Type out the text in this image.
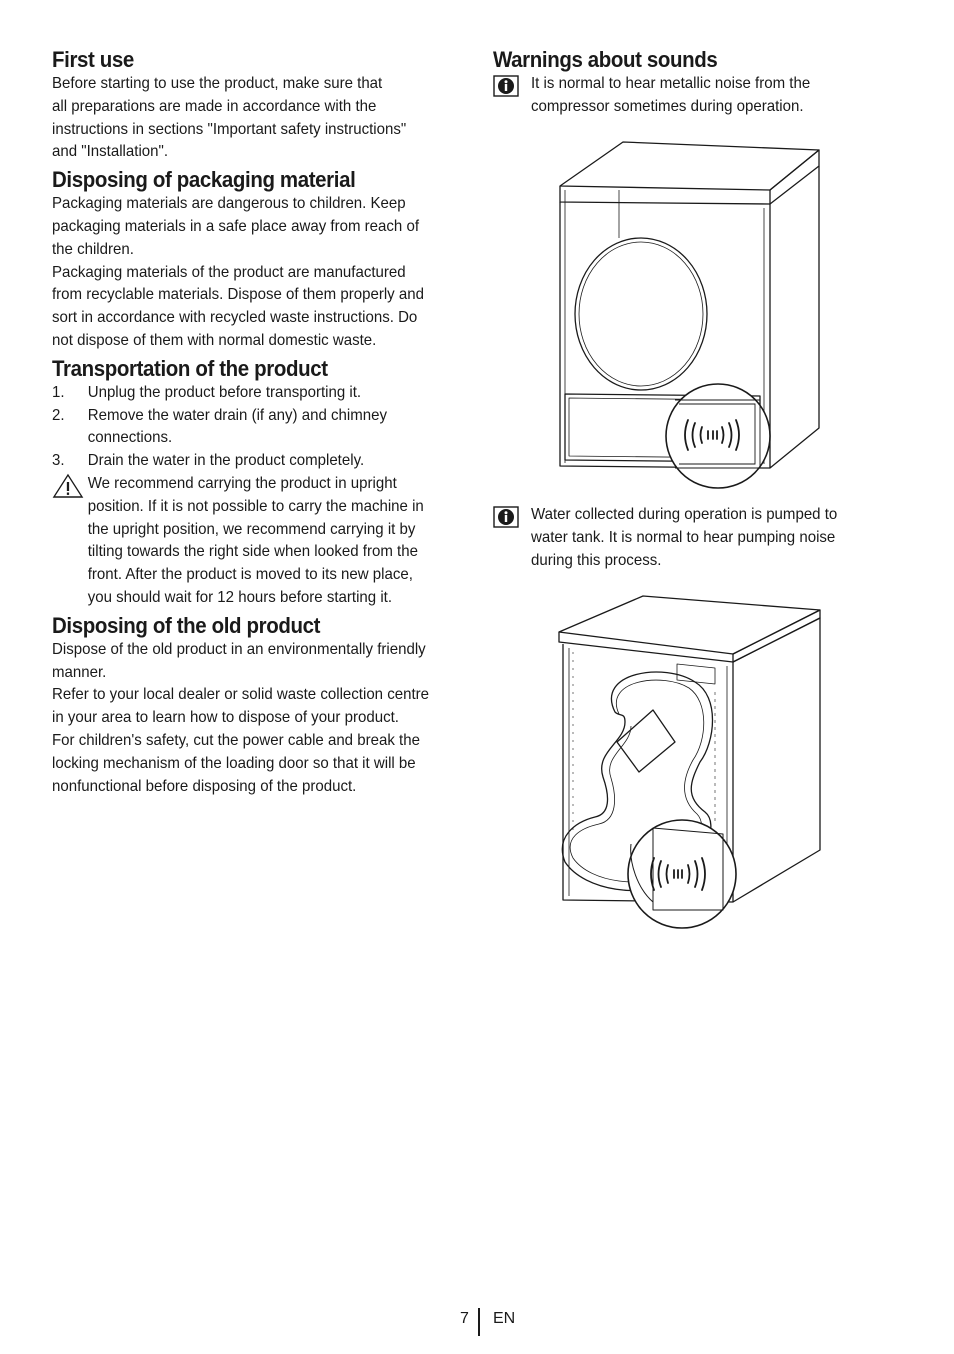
First use

Before starting to use the product, make sure that

all preparations are made in accordance with the

instructions in sections "Important safety instructions"

and "Installation".

Disposing of packaging material

Packaging materials are dangerous to children. Keep

packaging materials in a safe place away from reach of

the children.

Packaging materials of the product are manufactured

from recyclable materials. Dispose of them properly and

sort in accordance with recycled waste instructions. Do

not dispose of them with normal domestic waste.

Transportation of the product
1. Unplug the product before transporting it.
2. Remove the water drain (if any) and chimney
connections.
3. Drain the water in the product completely.
We recommend carrying the product in upright
position. If it is not possible to carry the machine in
the upright position, we recommend carrying it by
tilting towards the right side when looked from the
front. After the product is moved to its new place,
you should wait for 12 hours before starting it.
Disposing of the old product

Dispose of the old product in an environmentally friendly

manner.

Refer to your local dealer or solid waste collection centre

in your area to learn how to dispose of your product.

For children's safety, cut the power cable and break the

locking mechanism of the loading door so that it will be

nonfunctional before disposing of the product.

Warnings about sounds

It is normal to hear metallic noise from the

compressor sometimes during operation.

Water collected during operation is pumped to

water tank. It is normal to hear pumping noise

during this process.

7 EN
